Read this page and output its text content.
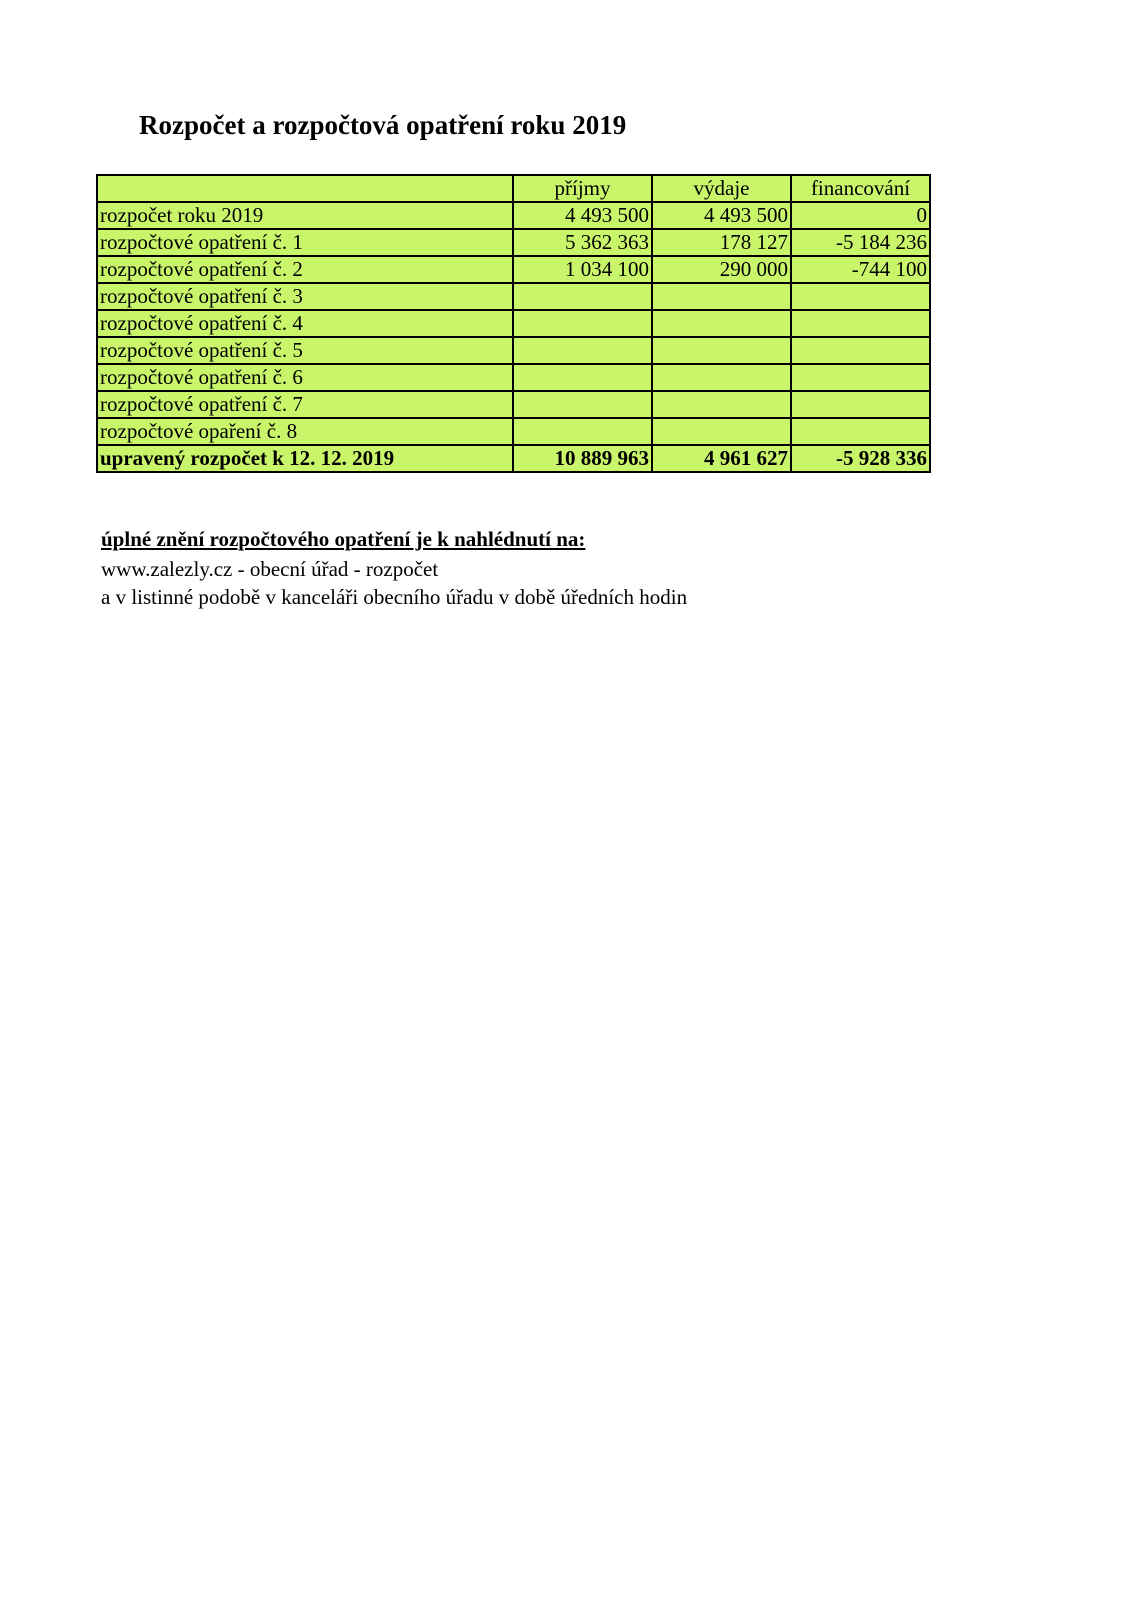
Rozpočet a rozpočtová opatření roku 2019
	příjmy	výdaje	financování
rozpočet roku 2019	4 493 500	4 493 500	0
rozpočtové opatření č. 1	5 362 363	178 127	-5 184 236
rozpočtové opatření č. 2	1 034 100	290 000	-744 100
rozpočtové opatření č. 3			
rozpočtové opatření č. 4			
rozpočtové opatření č. 5			
rozpočtové opatření č. 6			
rozpočtové opatření č. 7			
rozpočtové opaření č. 8			
upravený rozpočet k 12. 12. 2019	10 889 963	4 961 627	-5 928 336
úplné znění rozpočtového opatření je k nahlédnutí na:
www.zalezly.cz - obecní úřad - rozpočet
a v listinné podobě v kanceláři obecního úřadu v době úředních hodin
